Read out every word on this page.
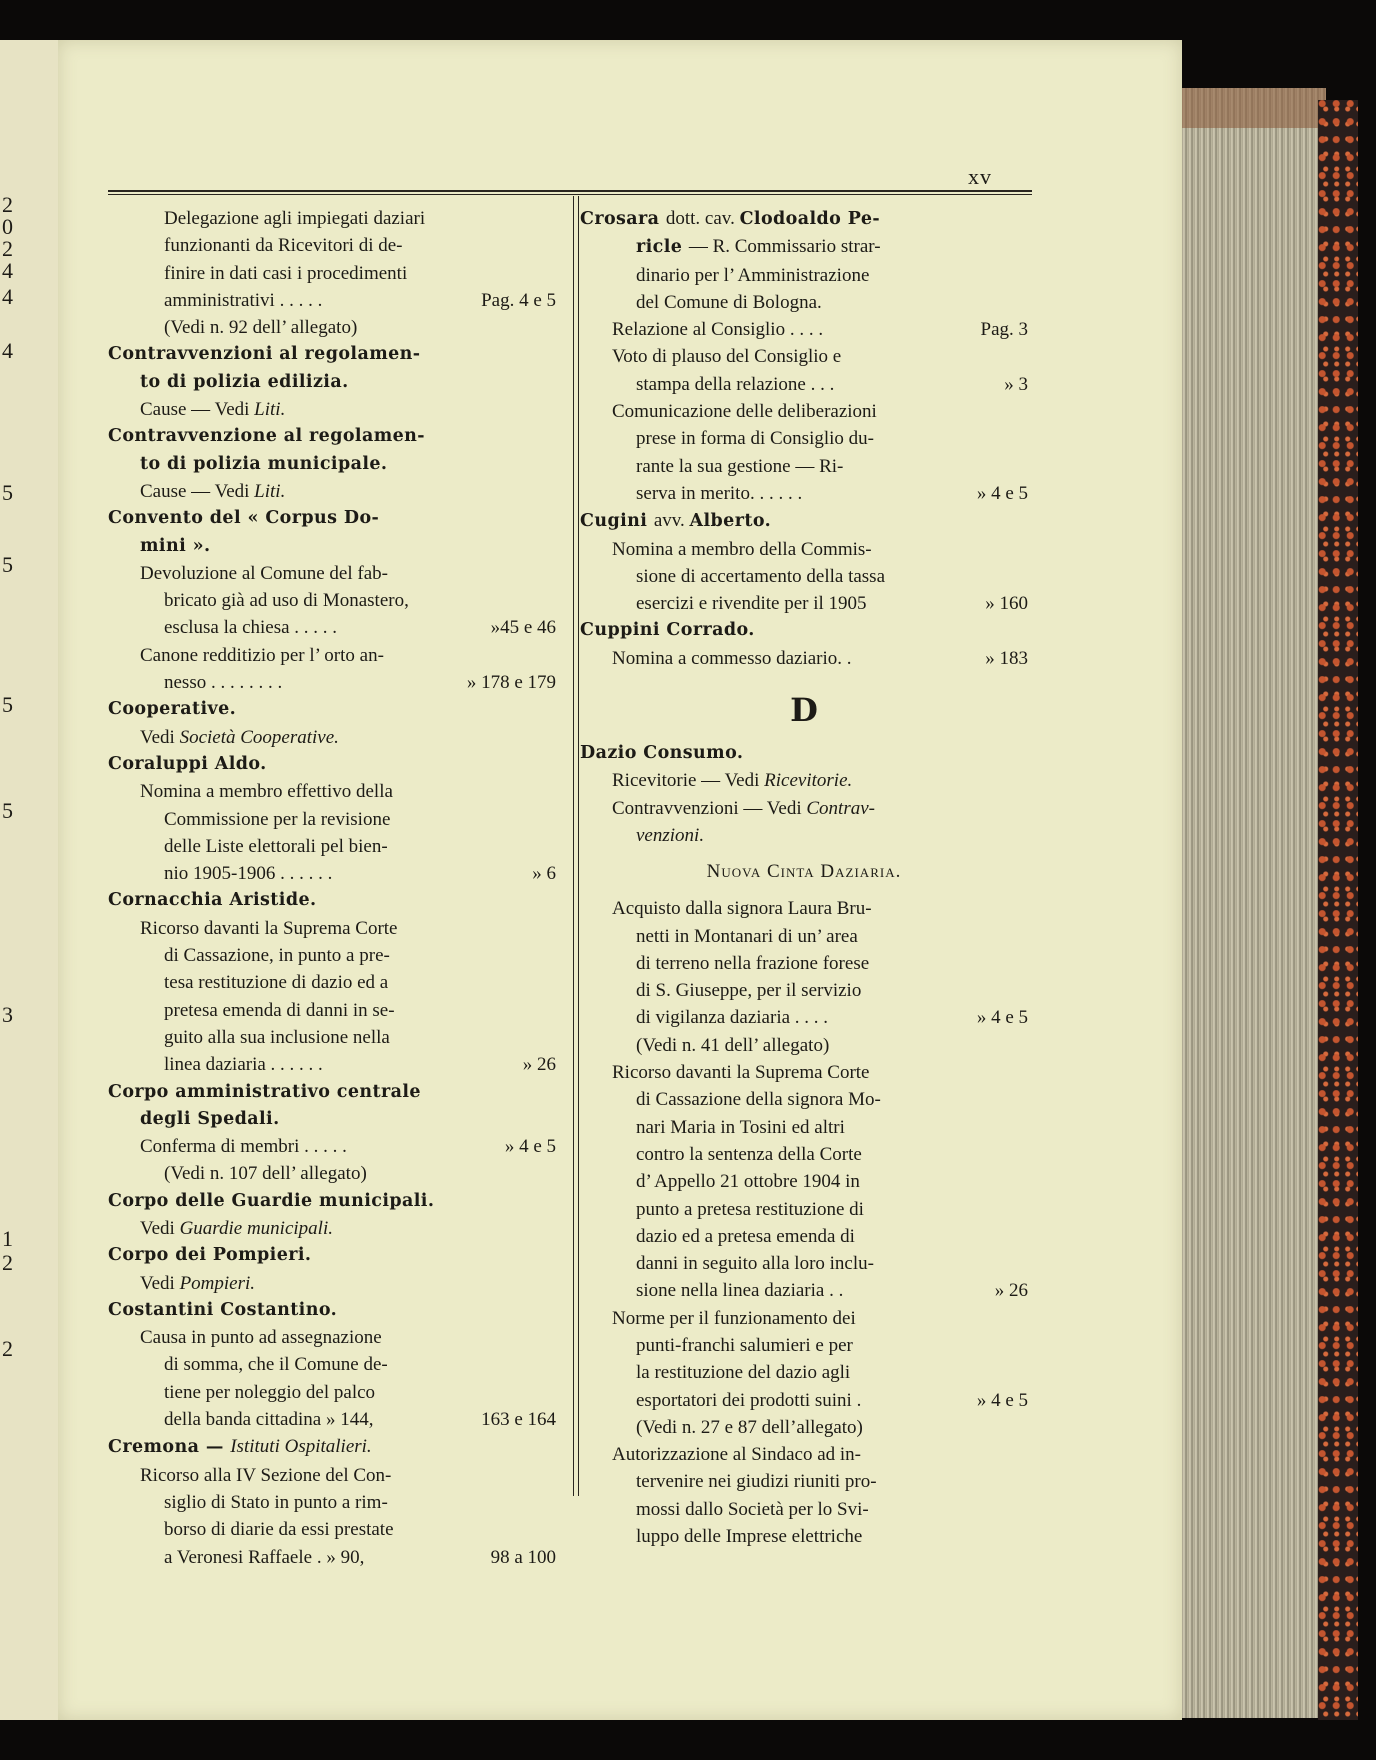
2
0
2
4
4
4
5
5
5
5
3
1
2
2
xv
Delegazione agli impiegati daziari
funzionanti da Ricevitori di de-
finire in dati casi i procedimenti
amministrativi . . . . .	Pag. 4 e 5
(Vedi n. 92 dell’ allegato)
Contravvenzioni al regolamen-
to di polizia edilizia.
Cause — Vedi Liti.
Contravvenzione al regolamen-
to di polizia municipale.
Cause — Vedi Liti.
Convento del « Corpus Do-
mini ».
Devoluzione al Comune del fab-
bricato già ad uso di Monastero,
esclusa la chiesa . . . . .	»45 e 46
Canone redditizio per l’ orto an-
nesso . . . . . . . .	» 178 e 179
Cooperative.
Vedi Società Cooperative.
Coraluppi Aldo.
Nomina a membro effettivo della
Commissione per la revisione
delle Liste elettorali pel bien-
nio 1905-1906 . . . . . .	» 6
Cornacchia Aristide.
Ricorso davanti la Suprema Corte
di Cassazione, in punto a pre-
tesa restituzione di dazio ed a
pretesa emenda di danni in se-
guito alla sua inclusione nella
linea daziaria . . . . . .	» 26
Corpo amministrativo centrale
degli Spedali.
Conferma di membri . . . . .	» 4 e 5
(Vedi n. 107 dell’ allegato)
Corpo delle Guardie municipali.
Vedi Guardie municipali.
Corpo dei Pompieri.
Vedi Pompieri.
Costantini Costantino.
Causa in punto ad assegnazione
di somma, che il Comune de-
tiene per noleggio del palco
della banda cittadina » 144,	163 e 164
Cremona — Istituti Ospitalieri.
Ricorso alla IV Sezione del Con-
siglio di Stato in punto a rim-
borso di diarie da essi prestate
a Veronesi Raffaele . » 90,	98 a 100
Crosara dott. cav. Clodoaldo Pe-
ricle — R. Commissario strar-
dinario per l’ Amministrazione
del Comune di Bologna.
Relazione al Consiglio . . . .	Pag. 3
Voto di plauso del Consiglio e
stampa della relazione . . .	» 3
Comunicazione delle deliberazioni
prese in forma di Consiglio du-
rante la sua gestione — Ri-
serva in merito. . . . . .	» 4 e 5
Cugini avv. Alberto.
Nomina a membro della Commis-
sione di accertamento della tassa
esercizi e rivendite per il 1905	» 160
Cuppini Corrado.
Nomina a commesso daziario. .	» 183
D
Dazio Consumo.
Ricevitorie — Vedi Ricevitorie.
Contravvenzioni — Vedi Contrav-
venzioni.
Nuova Cinta Daziaria.
Acquisto dalla signora Laura Bru-
netti in Montanari di un’ area
di terreno nella frazione forese
di S. Giuseppe, per il servizio
di vigilanza daziaria . . . .	» 4 e 5
(Vedi n. 41 dell’ allegato)
Ricorso davanti la Suprema Corte
di Cassazione della signora Mo-
nari Maria in Tosini ed altri
contro la sentenza della Corte
d’ Appello 21 ottobre 1904 in
punto a pretesa restituzione di
dazio ed a pretesa emenda di
danni in seguito alla loro inclu-
sione nella linea daziaria . .	» 26
Norme per il funzionamento dei
punti-franchi salumieri e per
la restituzione del dazio agli
esportatori dei prodotti suini .	» 4 e 5
(Vedi n. 27 e 87 dell’allegato)
Autorizzazione al Sindaco ad in-
tervenire nei giudizi riuniti pro-
mossi dallo Società per lo Svi-
luppo delle Imprese elettriche
